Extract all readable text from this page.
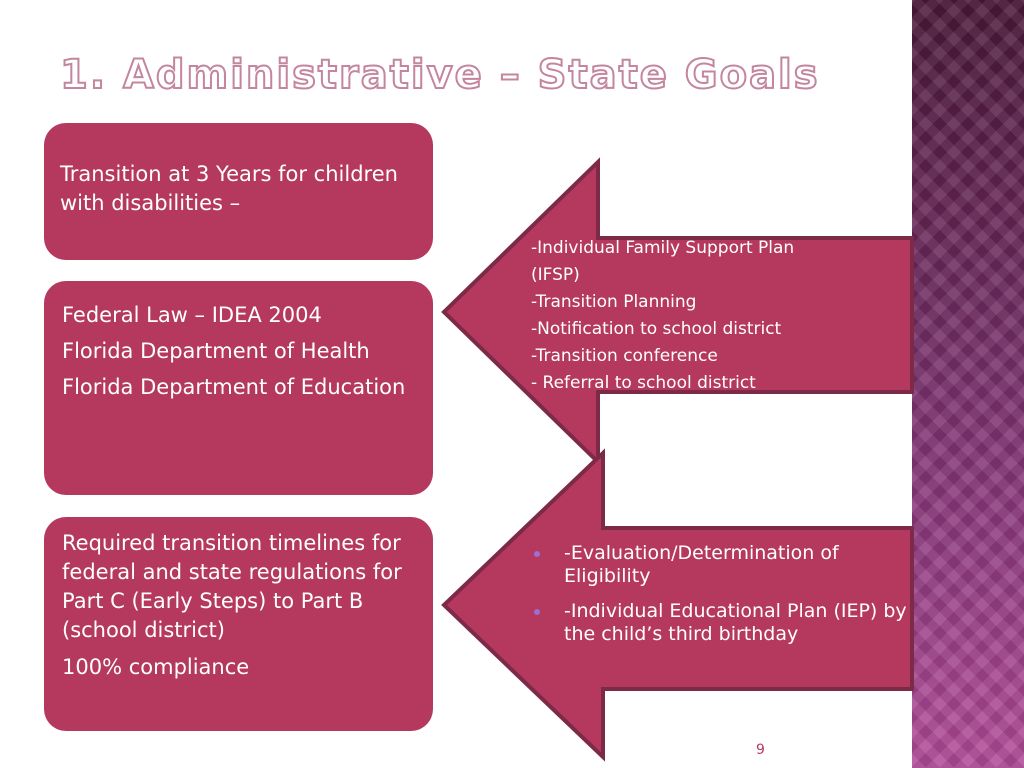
1. Administrative – State Goals

Transition at 3 Years for children with disabilities –

Federal Law – IDEA 2004

Florida Department of Health

Florida Department of Education

Required transition timelines for federal and state regulations for Part C (Early Steps) to Part B (school district)

100% compliance

-Individual Family Support Plan

(IFSP)

-Transition Planning

-Notification to school district

-Transition conference

- Referral to school district

-Evaluation/Determination of Eligibility
-Individual Educational Plan (IEP) by the child’s third birthday
9
